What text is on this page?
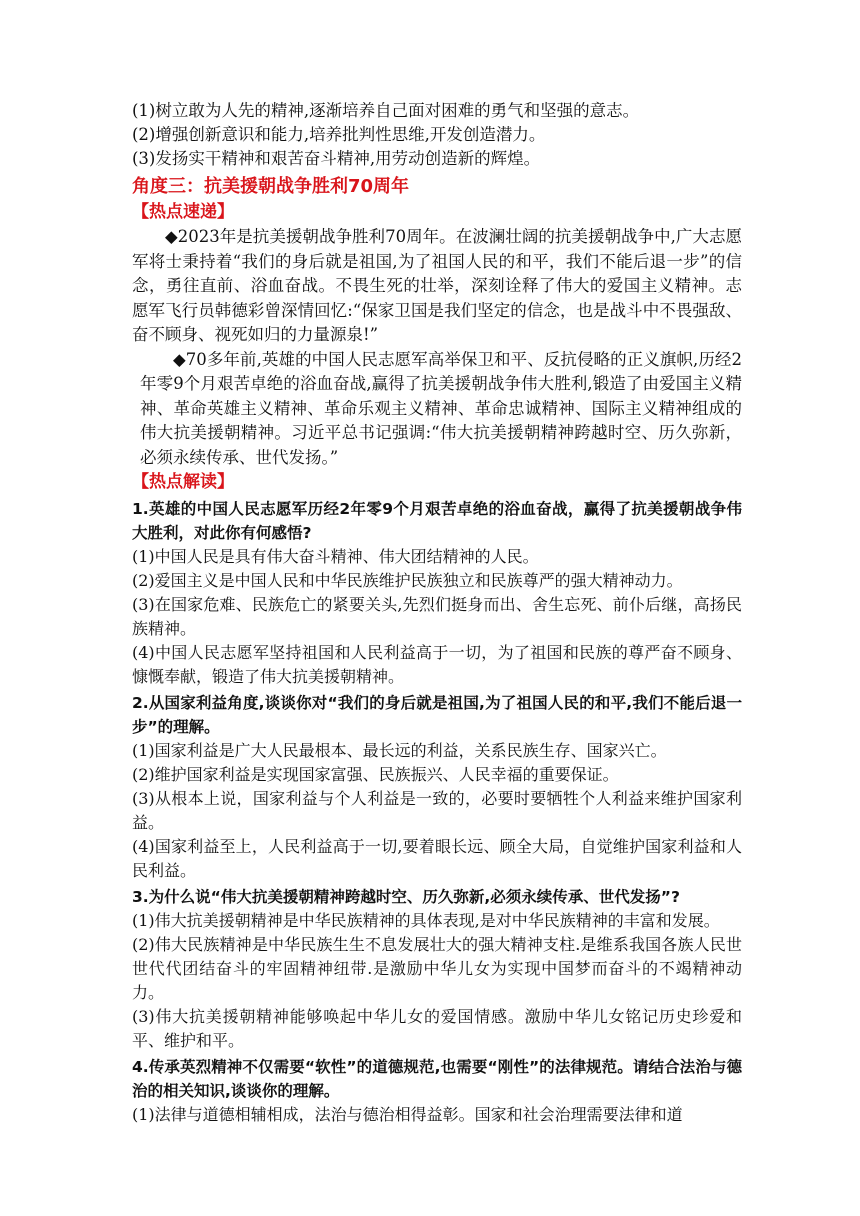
(1)树立敢为人先的精神,逐渐培养自己面对困难的勇气和坚强的意志。

(2)增强创新意识和能力,培养批判性思维,开发创造潜力。

(3)发扬实干精神和艰苦奋斗精神,用劳动创造新的辉煌。

角度三：抗美援朝战争胜利70周年
【热点速递】

◆2023年是抗美援朝战争胜利70周年。在波澜壮阔的抗美援朝战争中,广大志愿军将士秉持着“我们的身后就是祖国,为了祖国人民的和平，我们不能后退一步”的信念，勇往直前、浴血奋战。不畏生死的壮举，深刻诠释了伟大的爱国主义精神。志愿军飞行员韩德彩曾深情回忆:“保家卫国是我们坚定的信念，也是战斗中不畏强敌、奋不顾身、视死如归的力量源泉!”

◆70多年前,英雄的中国人民志愿军高举保卫和平、反抗侵略的正义旗帜,历经2年零9个月艰苦卓绝的浴血奋战,赢得了抗美援朝战争伟大胜利,锻造了由爱国主义精神、革命英雄主义精神、革命乐观主义精神、革命忠诚精神、国际主义精神组成的伟大抗美援朝精神。习近平总书记强调:“伟大抗美援朝精神跨越时空、历久弥新，必须永续传承、世代发扬。”

【热点解读】

1.英雄的中国人民志愿军历经2年零9个月艰苦卓绝的浴血奋战，赢得了抗美援朝战争伟大胜利，对此你有何感悟?

(1)中国人民是具有伟大奋斗精神、伟大团结精神的人民。

(2)爱国主义是中国人民和中华民族维护民族独立和民族尊严的强大精神动力。

(3)在国家危难、民族危亡的紧要关头,先烈们挺身而出、舍生忘死、前仆后继，高扬民族精神。

(4)中国人民志愿军坚持祖国和人民利益高于一切，为了祖国和民族的尊严奋不顾身、慷慨奉献，锻造了伟大抗美援朝精神。

2.从国家利益角度,谈谈你对“我们的身后就是祖国,为了祖国人民的和平,我们不能后退一步”的理解。

(1)国家利益是广大人民最根本、最长远的利益，关系民族生存、国家兴亡。

(2)维护国家利益是实现国家富强、民族振兴、人民幸福的重要保证。

(3)从根本上说，国家利益与个人利益是一致的，必要时要牺牲个人利益来维护国家利益。

(4)国家利益至上，人民利益高于一切,要着眼长远、顾全大局，自觉维护国家利益和人民利益。

3.为什么说“伟大抗美援朝精神跨越时空、历久弥新,必须永续传承、世代发扬”?

(1)伟大抗美援朝精神是中华民族精神的具体表现,是对中华民族精神的丰富和发展。

(2)伟大民族精神是中华民族生生不息发展壮大的强大精神支柱.是维系我国各族人民世世代代团结奋斗的牢固精神纽带.是激励中华儿女为实现中国梦而奋斗的不竭精神动力。

(3)伟大抗美援朝精神能够唤起中华儿女的爱国情感。激励中华儿女铭记历史珍爱和平、维护和平。

4.传承英烈精神不仅需要“软性”的道德规范,也需要“刚性”的法律规范。请结合法治与德治的相关知识,谈谈你的理解。

(1)法律与道德相辅相成，法治与德治相得益彰。国家和社会治理需要法律和道
